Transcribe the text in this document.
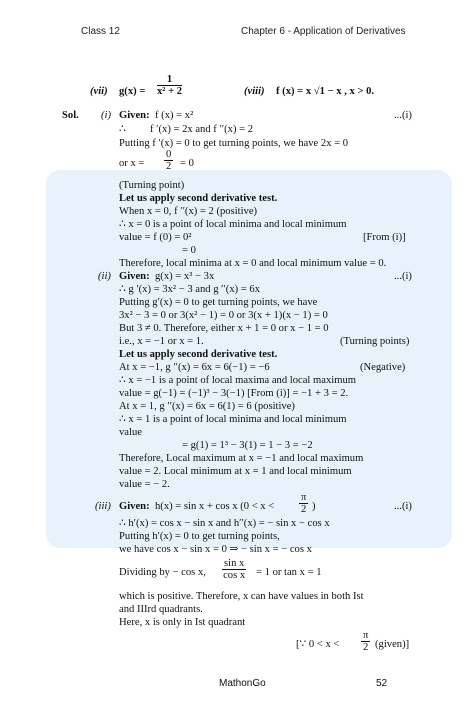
Class 12	Chapter 6 - Application of Derivatives
(vii) $g(x) = \frac{1}{\text{x² + 2}}$	(viii) f (x) = x √1 − x , x > 0.
Sol. (i) Given: f (x) = x²	...(i)
∴ f ′(x) = 2x and f ′′(x) = 2
Putting f ′(x) = 0 to get turning points, we have 2x = 0
or $x = \frac{0}{2} = 0$
(Turning point)
Let us apply second derivative test.
When x = 0, f ′′(x) = 2 (positive)
∴ x = 0 is a point of local minima and local minimum
value = f (0) = 0²	[From (i)]
= 0
Therefore, local minima at x = 0 and local minimum value = 0.
(ii) Given: g(x) = x³ − 3x	...(i)
∴ g ′(x) = 3x² − 3 and g ′′(x) = 6x
Putting g′(x) = 0 to get turning points, we have
3x² − 3 = 0 or 3(x² − 1) = 0 or 3(x + 1)(x − 1) = 0
But 3 ≠ 0. Therefore, either x + 1 = 0 or x − 1 = 0
i.e., x = −1 or x = 1.	(Turning points)
Let us apply second derivative test.
At x = −1, g ′′(x) = 6x = 6(−1) = −6	(Negative)
∴ x = −1 is a point of local maxima and local maximum
value = g(−1) = (−1)³ − 3(−1) [From (i)] = −1 + 3 = 2.
At x = 1, g ′′(x) = 6x = 6(1) = 6 (positive)
∴ x = 1 is a point of local minima and local minimum
value
= g(1) = 1³ − 3(1) = 1 − 3 = −2
Therefore, Local maximum at x = −1 and local maximum
value = 2. Local minimum at x = 1 and local minimum
value = − 2.
(iii) Given: h(x) = sin x + cos x ($0 < x < \frac{\pi}{2}$ )	...(i)
∴ h′(x) = cos x − sin x and h′′(x) = − sin x − cos x
Putting h′(x) = 0 to get turning points,
we have cos x − sin x = 0 ⇒ − sin x = − cos x
Dividing by − cos x, $\frac{\text{sin x}}{\text{cos x}} = 1$ or tan x = 1
which is positive. Therefore, x can have values in both Ist
and IIIrd quadrants.
Here, x is only in Ist quadrant
[∵ $0 < x < \frac{\pi}{2}$ (given)]
MathonGo	52
